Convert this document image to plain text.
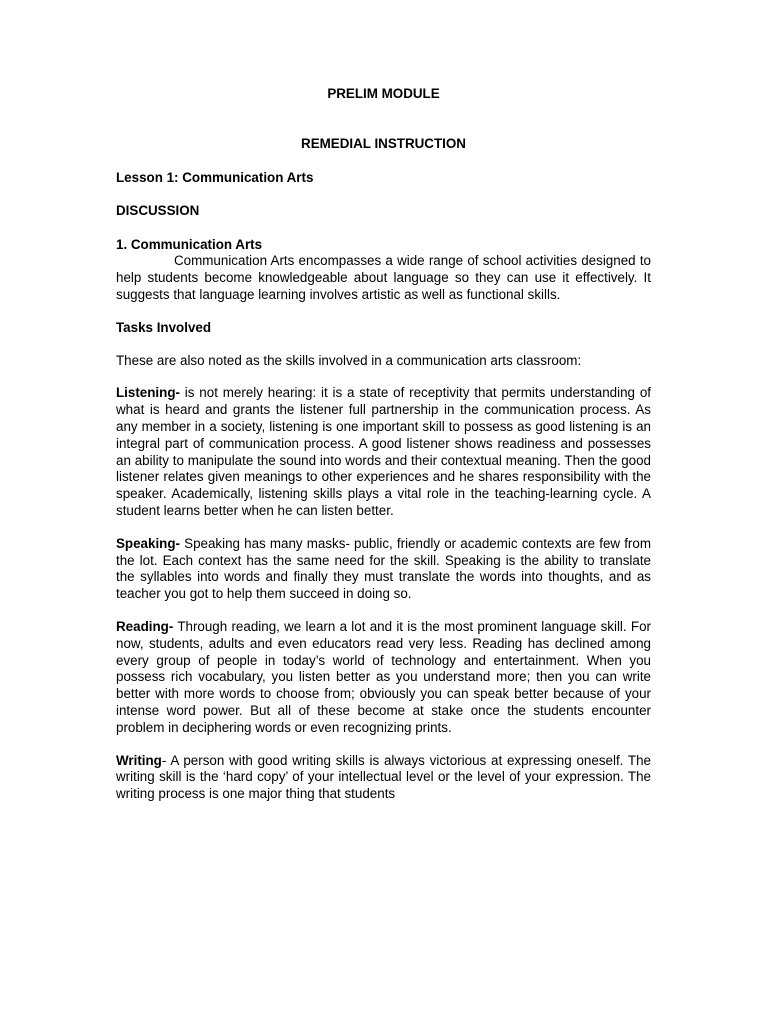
PRELIM MODULE
REMEDIAL INSTRUCTION
Lesson 1: Communication Arts
DISCUSSION
1. Communication Arts

Communication Arts encompasses a wide range of school activities designed to help students become knowledgeable about language so they can use it effectively. It suggests that language learning involves artistic as well as functional skills.

Tasks Involved

These are also noted as the skills involved in a communication arts classroom:

Listening- is not merely hearing: it is a state of receptivity that permits understanding of what is heard and grants the listener full partnership in the communication process. As any member in a society, listening is one important skill to possess as good listening is an integral part of communication process. A good listener shows readiness and possesses an ability to manipulate the sound into words and their contextual meaning. Then the good listener relates given meanings to other experiences and he shares responsibility with the speaker. Academically, listening skills plays a vital role in the teaching-learning cycle. A student learns better when he can listen better.

Speaking- Speaking has many masks- public, friendly or academic contexts are few from the lot. Each context has the same need for the skill. Speaking is the ability to translate the syllables into words and finally they must translate the words into thoughts, and as teacher you got to help them succeed in doing so.

Reading- Through reading, we learn a lot and it is the most prominent language skill. For now, students, adults and even educators read very less. Reading has declined among every group of people in today’s world of technology and entertainment. When you possess rich vocabulary, you listen better as you understand more; then you can write better with more words to choose from; obviously you can speak better because of your intense word power. But all of these become at stake once the students encounter problem in deciphering words or even recognizing prints.

Writing- A person with good writing skills is always victorious at expressing oneself. The writing skill is the ‘hard copy’ of your intellectual level or the level of your expression. The writing process is one major thing that students
